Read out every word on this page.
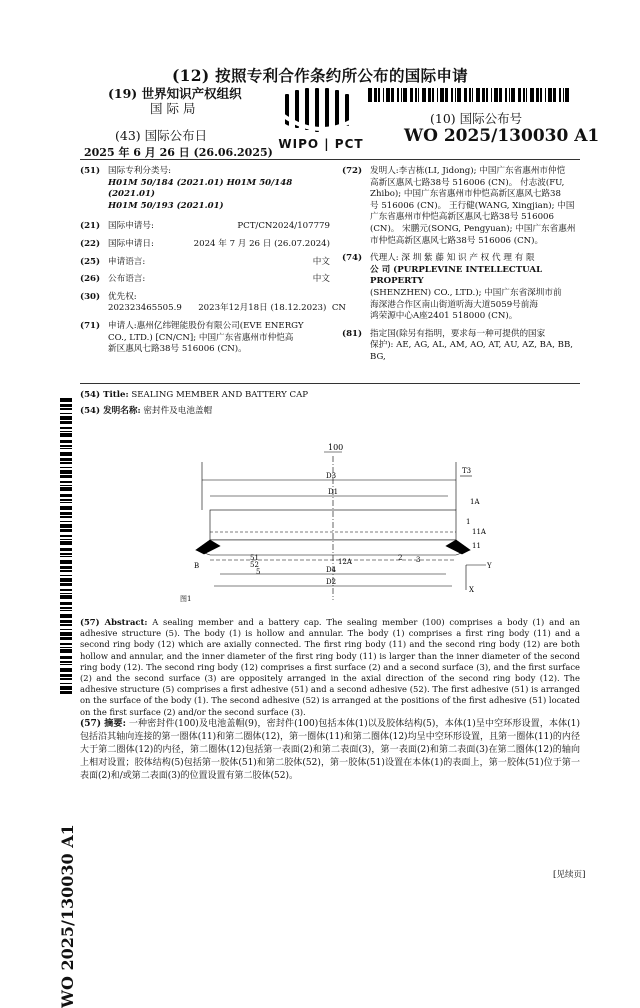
(12) 按照专利合作条约所公布的国际申请
(19) 世界知识产权组织
国 际 局
(43) 国际公布日
2025 年 6 月 26 日 (26.06.2025)
WIPO | PCT
(10) 国际公布号
WO 2025/130030 A1
(51) 国际专利分类号:
H01M 50/184 (2021.01) H01M 50/148 (2021.01)
H01M 50/193 (2021.01)
(21) 国际申请号:	PCT/CN2024/107779
(22) 国际申请日:	2024 年 7 月 26 日 (26.07.2024)
(25) 申请语言:	中文
(26) 公布语言:	中文
(30) 优先权:
202323465505.9      2023年12月18日 (18.12.2023)  CN
(71) 申请人:惠州亿纬锂能股份有限公司(EVE ENERGY
CO., LTD.) [CN/CN]; 中国广东省惠州市仲恺高
新区惠风七路38号 516006 (CN)。
(72) 发明人:李吉栋(LI, Jidong); 中国广东省惠州市仲恺
高新区惠风七路38号 516006 (CN)。 付志波(FU,
Zhibo); 中国广东省惠州市仲恺高新区惠风七路38
号 516006 (CN)。 王行健(WANG, Xingjian); 中国
广东省惠州市仲恺高新区惠风七路38号 516006
(CN)。 宋鹏元(SONG, Pengyuan); 中国广东省惠州
市仲恺高新区惠风七路38号 516006 (CN)。
(74) 代理人: 深 圳 紫 藤 知 识 产 权 代 理 有 限
公 司 (PURPLEVINE INTELLECTUAL PROPERTY
(SHENZHEN) CO., LTD.); 中国广东省深圳市前
海深港合作区南山街道听海大道5059号前海
鸿荣源中心A座2401 518000 (CN)。
(81) 指定国(除另有指明，要求每一种可提供的国家
保护): AE, AG, AL, AM, AO, AT, AU, AZ, BA, BB, BG,
(54) Title: SEALING MEMBER AND BATTERY CAP
(54) 发明名称: 密封件及电池盖帽
100
D3
D1
T3
D4
D2
Y
X
1A
1
11A
11
2 3
12A
51
52
5
B
图1
(57) Abstract: A sealing member and a battery cap. The sealing member (100) comprises a body (1) and an adhesive structure (5). The body (1) is hollow and annular. The body (1) comprises a first ring body (11) and a second ring body (12) which are axially connected. The first ring body (11) and the second ring body (12) are both hollow and annular, and the inner diameter of the first ring body (11) is larger than the inner diameter of the second ring body (12). The second ring body (12) comprises a first surface (2) and a second surface (3), and the first surface (2) and the second surface (3) are oppositely arranged in the axial direction of the second ring body (12). The adhesive structure (5) comprises a first adhesive (51) and a second adhesive (52). The first adhesive (51) is arranged on the surface of the body (1). The second adhesive (52) is arranged at the positions of the first adhesive (51) located on the first surface (2) and/or the second surface (3).
(57) 摘要: 一种密封件(100)及电池盖帽(9)，密封件(100)包括本体(1)以及胶体结构(5)，本体(1)呈中空环形设置，本体(1)包括沿其轴向连接的第一圈体(11)和第二圈体(12)，第一圈体(11)和第二圈体(12)均呈中空环形设置，且第一圈体(11)的内径大于第二圈体(12)的内径，第二圈体(12)包括第一表面(2)和第二表面(3)，第一表面(2)和第二表面(3)在第二圈体(12)的轴向上相对设置；胶体结构(5)包括第一胶体(51)和第二胶体(52)，第一胶体(51)设置在本体(1)的表面上，第一胶体(51)位于第一表面(2)和/或第二表面(3)的位置设置有第二胶体(52)。
WO 2025/130030 A1	[见续页]
